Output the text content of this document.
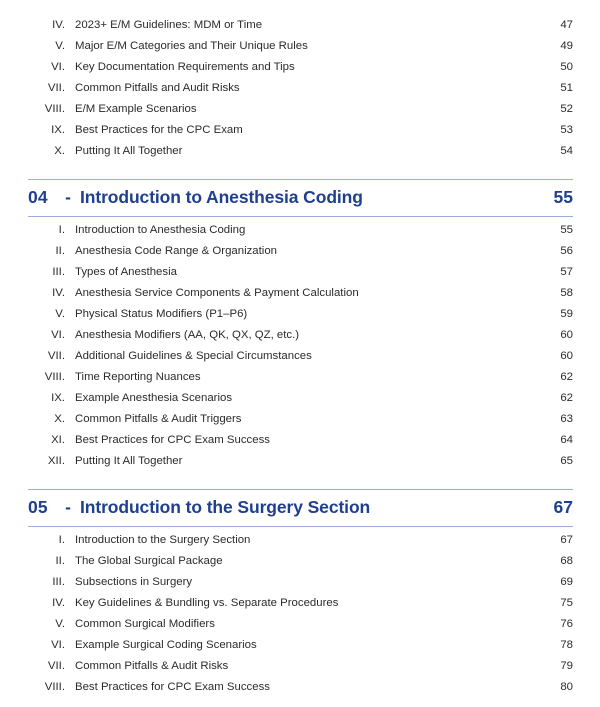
IV. 2023+ E/M Guidelines: MDM or Time	47
V. Major E/M Categories and Their Unique Rules	49
VI. Key Documentation Requirements and Tips	50
VII. Common Pitfalls and Audit Risks	51
VIII. E/M Example Scenarios	52
IX. Best Practices for the CPC Exam	53
X. Putting It All Together	54
04 - Introduction to Anesthesia Coding	55
I. Introduction to Anesthesia Coding	55
II. Anesthesia Code Range & Organization	56
III. Types of Anesthesia	57
IV. Anesthesia Service Components & Payment Calculation	58
V. Physical Status Modifiers (P1–P6)	59
VI. Anesthesia Modifiers (AA, QK, QX, QZ, etc.)	60
VII. Additional Guidelines & Special Circumstances	60
VIII. Time Reporting Nuances	62
IX. Example Anesthesia Scenarios	62
X. Common Pitfalls & Audit Triggers	63
XI. Best Practices for CPC Exam Success	64
XII. Putting It All Together	65
05 - Introduction to the Surgery Section	67
I. Introduction to the Surgery Section	67
II. The Global Surgical Package	68
III. Subsections in Surgery	69
IV. Key Guidelines & Bundling vs. Separate Procedures	75
V. Common Surgical Modifiers	76
VI. Example Surgical Coding Scenarios	78
VII. Common Pitfalls & Audit Risks	79
VIII. Best Practices for CPC Exam Success	80
